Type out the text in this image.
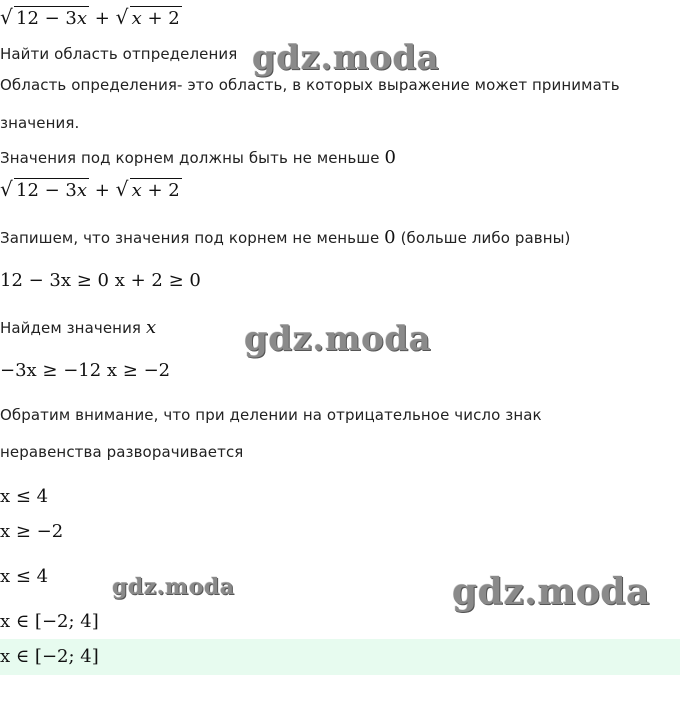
√ 12 − 3x + √ x + 2
Найти область отпределения gdz.moda
Область определения- это область, в которых выражение может принимать
значения.
Значения под корнем должны быть не меньше 0
√ 12 − 3x + √ x + 2
Запишем, что значения под корнем не меньше 0 (больше либо равны)
12 − 3x ≥ 0 x + 2 ≥ 0
Найдем значения x	gdz.moda
−3x ≥ −12 x ≥ −2
Обратим внимание, что при делении на отрицательное число знак
неравенства разворачивается
x ≤ 4
x ≥ −2
x ≤ 4	gdz.moda	gdz.moda
x ∈ [−2; 4]
x ∈ [−2; 4]
